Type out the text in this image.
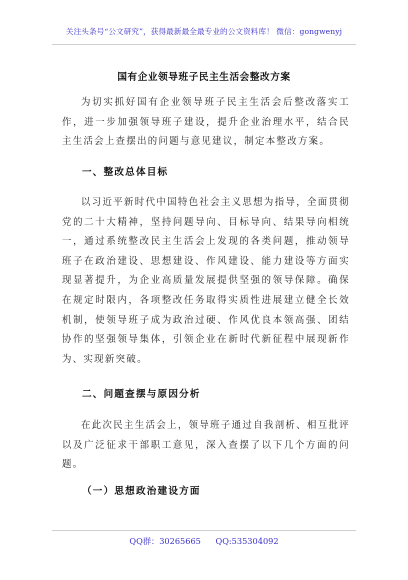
关注头条号“公文研究”，获得最新最全最专业的公文资料库！ 微信：gongwenyj
国有企业领导班子民主生活会整改方案
为切实抓好国有企业领导班子民主生活会后整改落实工作，进一步加强领导班子建设，提升企业治理水平，结合民主生活会上查摆出的问题与意见建议，制定本整改方案。
一、整改总体目标
以习近平新时代中国特色社会主义思想为指导，全面贯彻党的二十大精神，坚持问题导向、目标导向、结果导向相统一，通过系统整改民主生活会上发现的各类问题，推动领导班子在政治建设、思想建设、作风建设、能力建设等方面实现显著提升，为企业高质量发展提供坚强的领导保障。确保在规定时限内，各项整改任务取得实质性进展建立健全长效机制，使领导班子成为政治过硬、作风优良本领高强、团结协作的坚强领导集体，引领企业在新时代新征程中展现新作为、实现新突破。
二、问题查摆与原因分析
在此次民主生活会上，领导班子通过自我剖析、相互批评以及广泛征求干部职工意见，深入查摆了以下几个方面的问题。
（一）思想政治建设方面
QQ群：30265665 QQ:535304092
